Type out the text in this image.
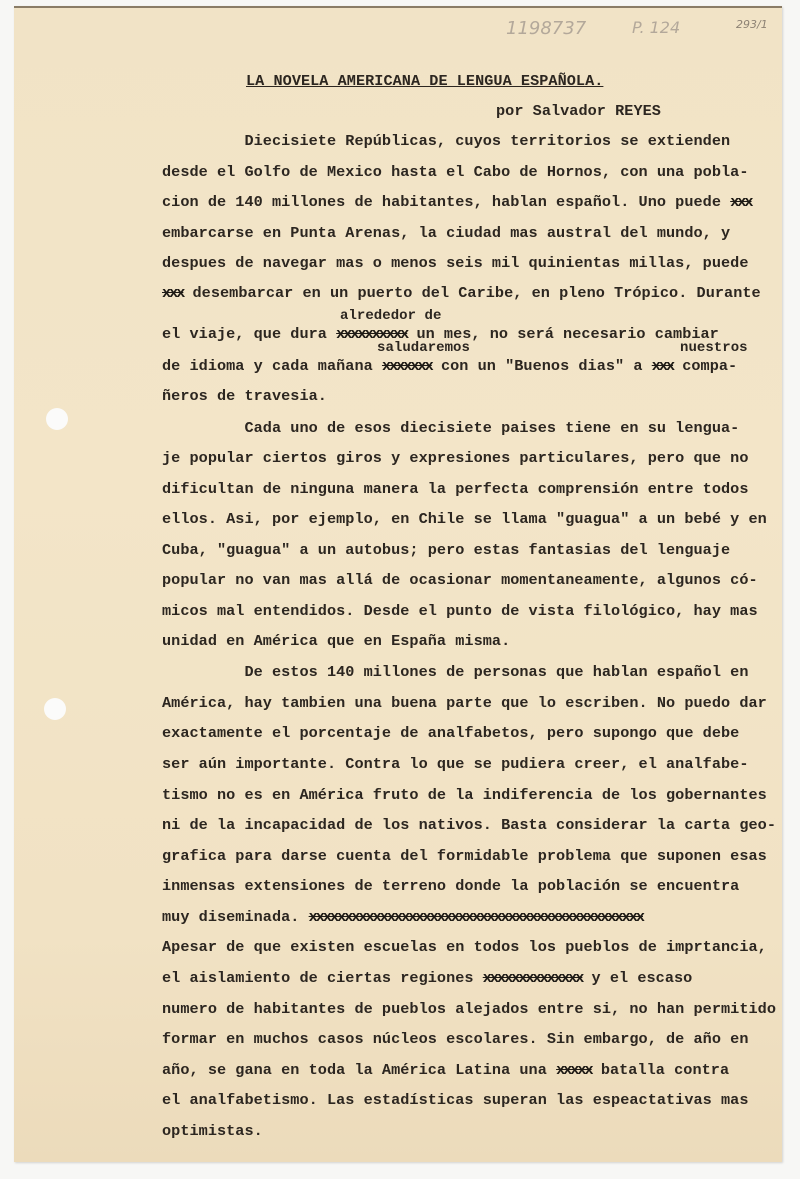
1198737	P. 124	293/1
LA NOVELA AMERICANA DE LENGUA ESPAÑOLA.
por Salvador REYES
Diecisiete Repúblicas, cuyos territorios se extienden
desde el Golfo de Mexico hasta el Cabo de Hornos, con una pobla-
cion de 140 millones de habitantes, hablan español. Uno puede xxx
embarcarse en Punta Arenas, la ciudad mas austral del mundo, y
despues de navegar mas o menos seis mil quinientas millas, puede
xxx desembarcar en un puerto del Caribe, en pleno Trópico. Durante
alrededor de
el viaje, que dura xxxxxxxxxx un mes, no será necesario cambiar
saludaremos	nuestros
de idioma y cada mañana xxxxxxx con un "Buenos dias" a xxx compa-
ñeros de travesia.
Cada uno de esos diecisiete paises tiene en su lengua-
je popular ciertos giros y expresiones particulares, pero que no
dificultan de ninguna manera la perfecta comprensión entre todos
ellos. Asi, por ejemplo, en Chile se llama "guagua" a un bebé y en
Cuba, "guagua" a un autobus; pero estas fantasias del lenguaje
popular no van mas allá de ocasionar momentaneamente, algunos có-
micos mal entendidos. Desde el punto de vista filológico, hay mas
unidad en América que en España misma.
De estos 140 millones de personas que hablan español en
América, hay tambien una buena parte que lo escriben. No puedo dar
exactamente el porcentaje de analfabetos, pero supongo que debe
ser aún importante. Contra lo que se pudiera creer, el analfabe-
tismo no es en América fruto de la indiferencia de los gobernantes
ni de la incapacidad de los nativos. Basta considerar la carta geo-
grafica para darse cuenta del formidable problema que suponen esas
inmensas extensiones de terreno donde la población se encuentra
muy diseminada. xxxxxxxxxxxxxxxxxxxxxxxxxxxxxxxxxxxxxxxxxxxxxxx
Apesar de que existen escuelas en todos los pueblos de imprtancia,
el aislamiento de ciertas regiones xxxxxxxxxxxxxx y el escaso
numero de habitantes de pueblos alejados entre si, no han permitido
formar en muchos casos núcleos escolares. Sin embargo, de año en
año, se gana en toda la América Latina una xxxxx batalla contra
el analfabetismo. Las estadísticas superan las espeactativas mas
optimistas.
